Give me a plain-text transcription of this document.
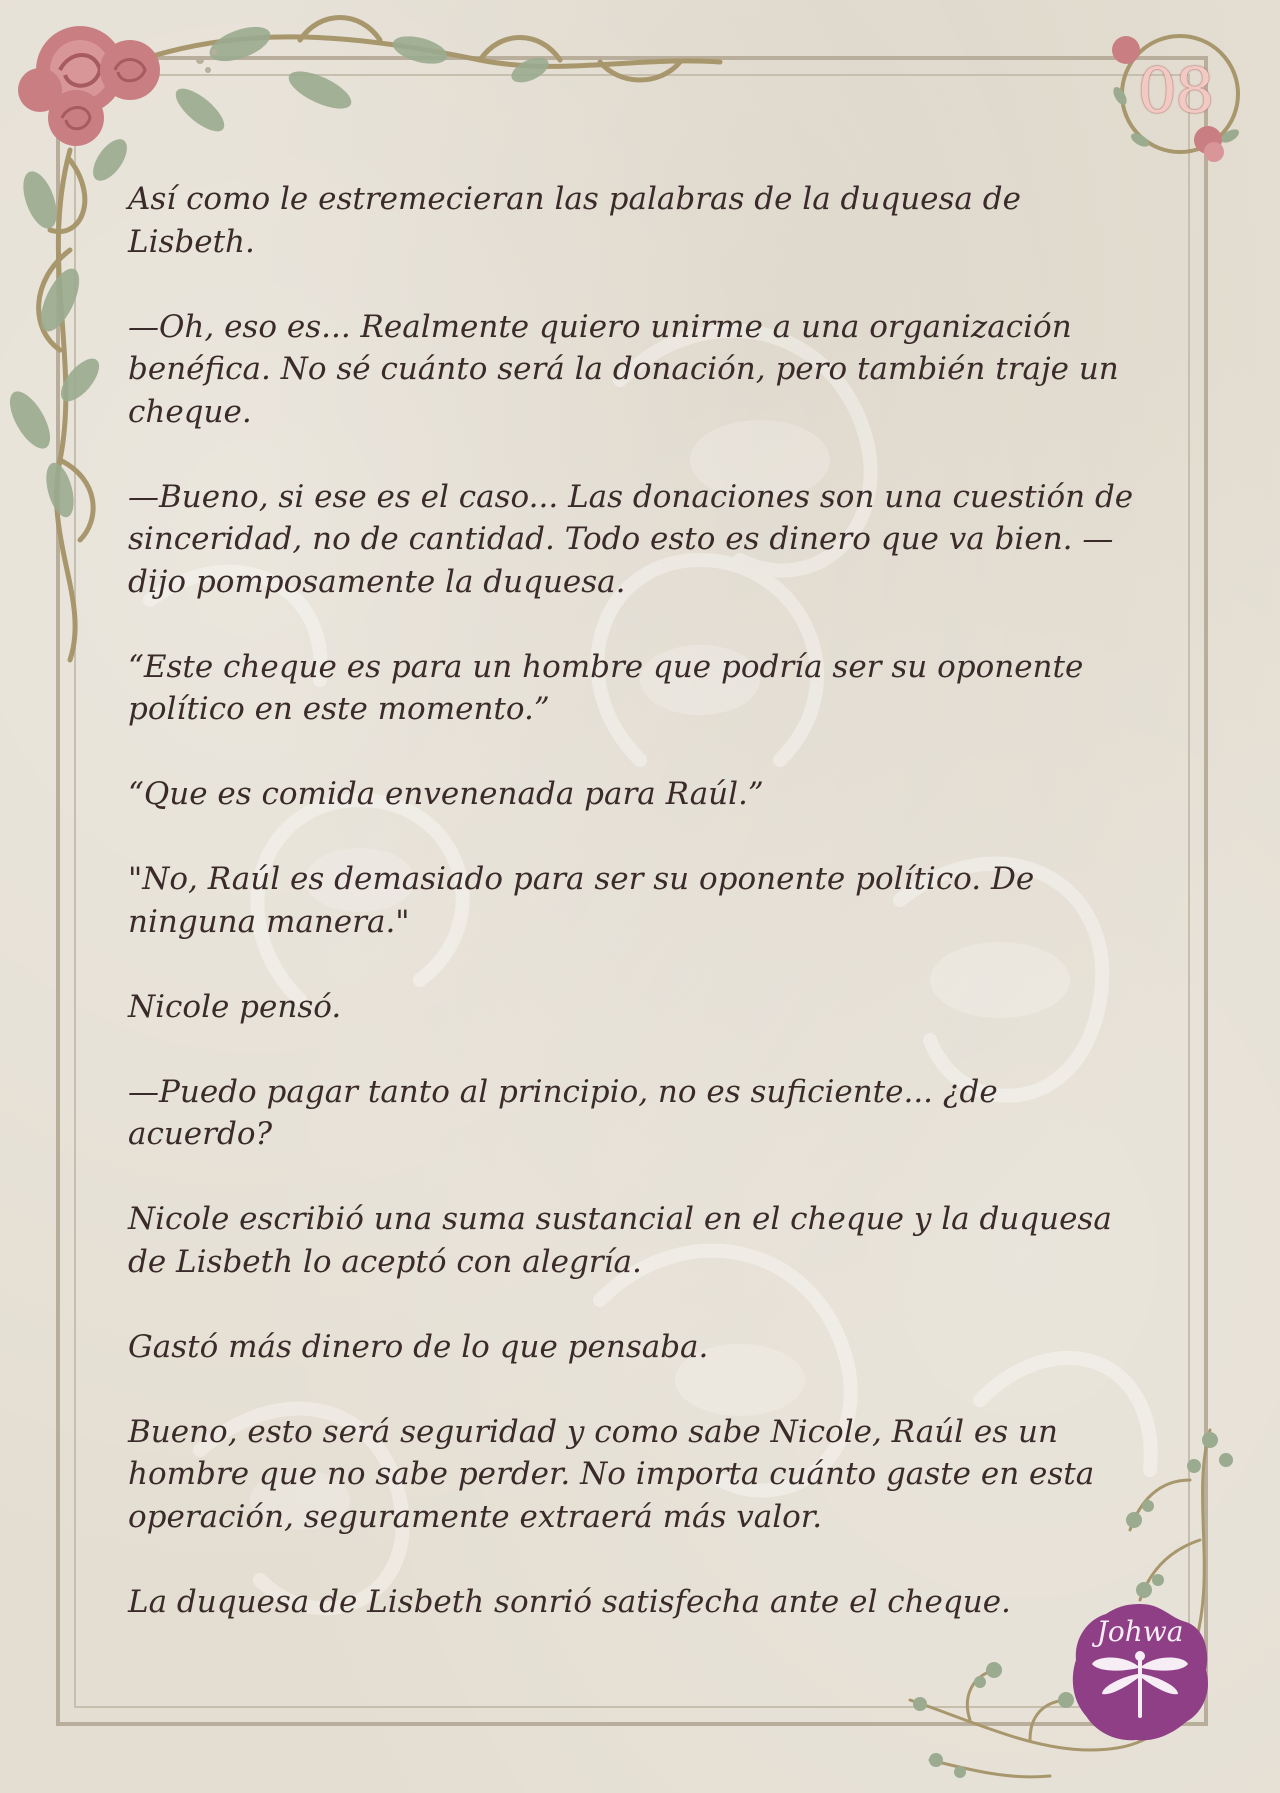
08

Así como le estremecieran las palabras de la duquesa de Lisbeth.

—Oh, eso es... Realmente quiero unirme a una organización benéfica. No sé cuánto será la donación, pero también traje un cheque.

—Bueno, si ese es el caso... Las donaciones son una cuestión de sinceridad, no de cantidad. Todo esto es dinero que va bien. —dijo pomposamente la duquesa.

“Este cheque es para un hombre que podría ser su oponente político en este momento.”

“Que es comida envenenada para Raúl.”

"No, Raúl es demasiado para ser su oponente político. De ninguna manera."

Nicole pensó.

—Puedo pagar tanto al principio, no es suficiente... ¿de acuerdo?

Nicole escribió una suma sustancial en el cheque y la duquesa de Lisbeth lo aceptó con alegría.

Gastó más dinero de lo que pensaba.

Bueno, esto será seguridad y como sabe Nicole, Raúl es un hombre que no sabe perder. No importa cuánto gaste en esta operación, seguramente extraerá más valor.

La duquesa de Lisbeth sonrió satisfecha ante el cheque.

Johwa
